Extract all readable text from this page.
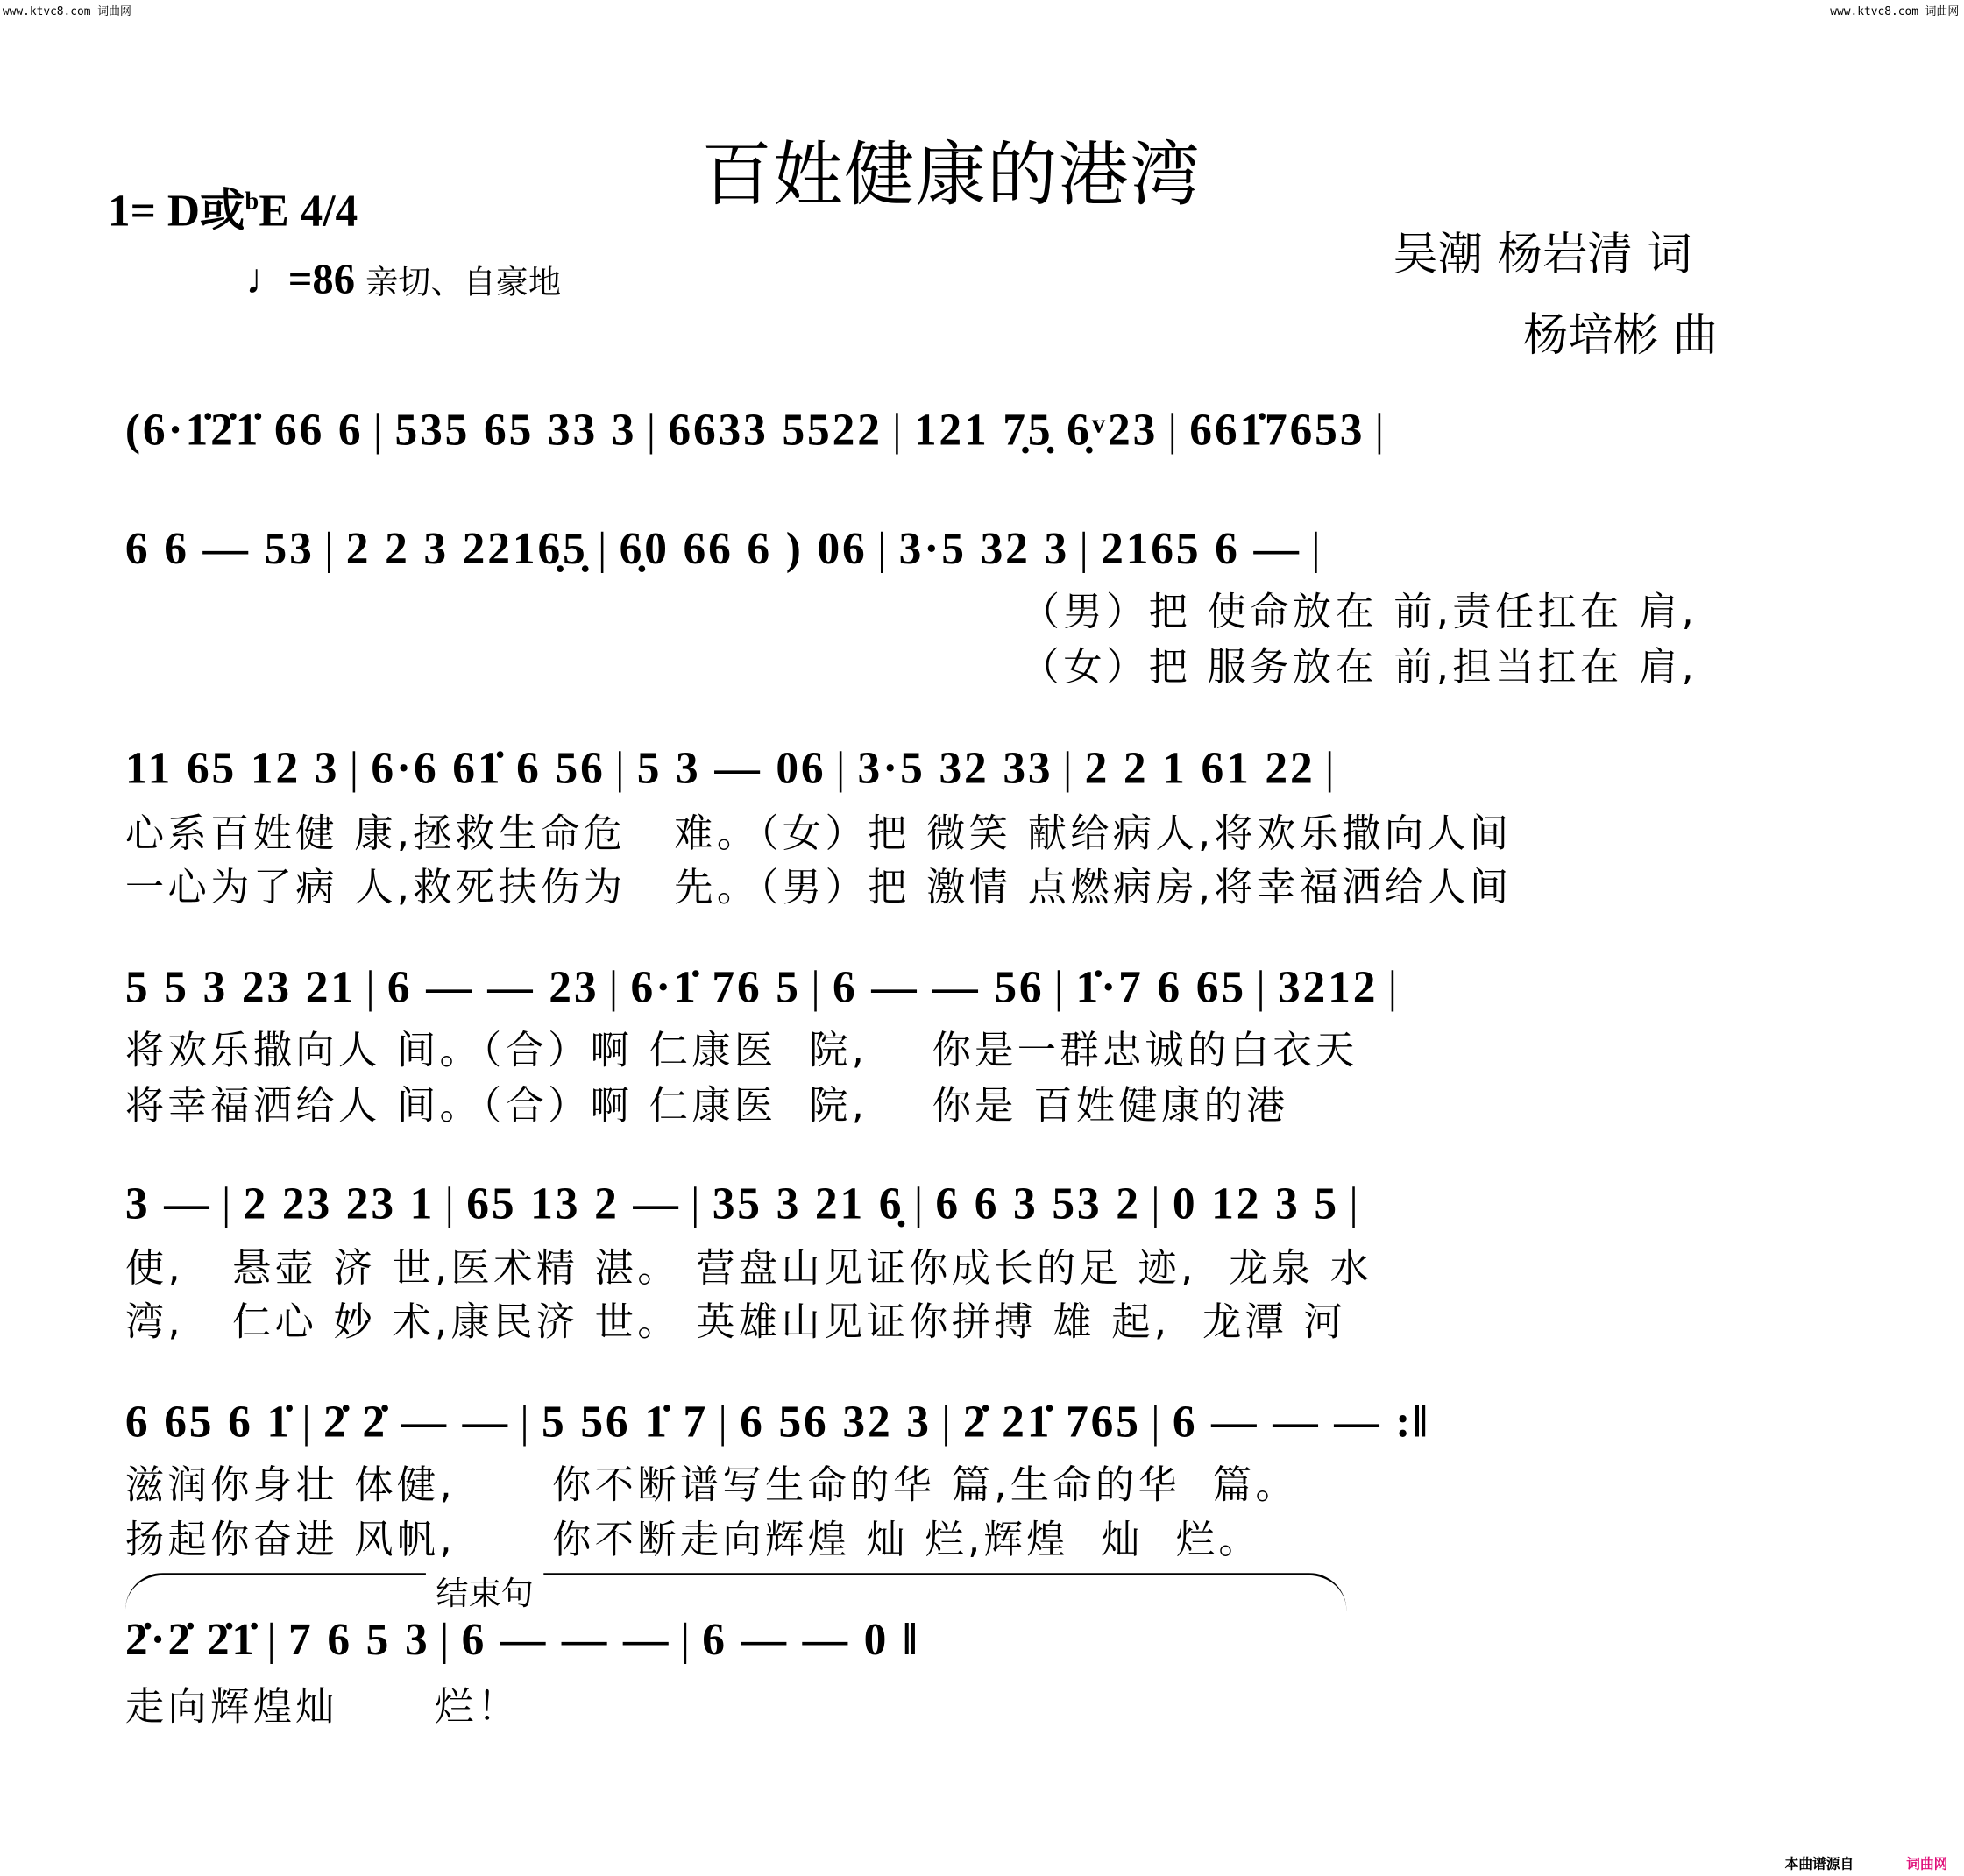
www.ktvc8.com 词曲网	www.ktvc8.com 词曲网
百姓健康的港湾
1= D或$^b$E 4/4
♩=86 亲切、自豪地
吴潮 杨岩清 词
杨培彬 曲
(6·1̇2̇1̇ 66 6 | 535 65 33 3 | 6633 5522 | 121 7̣5̣ 6̣ᵛ23 | 661̇7653 |
6 6 — 53 | 2 2 3 2216̣5̣ | 6̣0 66 6 ) 06 | 3·5 32 3 | 2165 6 — |
（男）把 使命放在 前,责任扛在 肩,
（女）把 服务放在 前,担当扛在 肩,
11 65 12 3 | 6·6 61̇ 6 56 | 5 3 — 06 | 3·5 32 33 | 2 2 1 61 22 |
心系百姓健 康,拯救生命危   难。（女）把 微笑 献给病人,将欢乐撒向人间
一心为了病 人,救死扶伤为   先。（男）把 激情 点燃病房,将幸福洒给人间
5 5 3 23 21 | 6 — — 23 | 6·1̇ 76 5 | 6 — — 56 | 1̇·7 6 65 | 3212 |
将欢乐撒向人 间。（合）啊 仁康医  院,    你是一群忠诚的白衣天
将幸福洒给人 间。（合）啊 仁康医  院,    你是 百姓健康的港
3 — | 2 23 23 1 | 65 13 2 — | 35 3 21 6̣ | 6 6 3 53 2 | 0 12 3 5 |
使,   悬壶 济 世,医术精 湛。 营盘山见证你成长的足 迹,  龙泉 水
湾,   仁心 妙 术,康民济 世。 英雄山见证你拼搏 雄 起,  龙潭 河
6 65 6 1̇ | 2̇ 2̇ — — | 5 56 1̇ 7 | 6 56 32 3 | 2̇ 21̇ 765 | 6 — — — :‖
滋润你身壮 体健,      你不断谱写生命的华 篇,生命的华  篇。
扬起你奋进 风帆,      你不断走向辉煌 灿 烂,辉煌  灿  烂。
2̇·2̇ 2̇1̇ | 7 6 5 3 | 6 — — — | 6 — — 0 ‖
走向辉煌灿      烂！
结束句
本曲谱源自	词曲网
